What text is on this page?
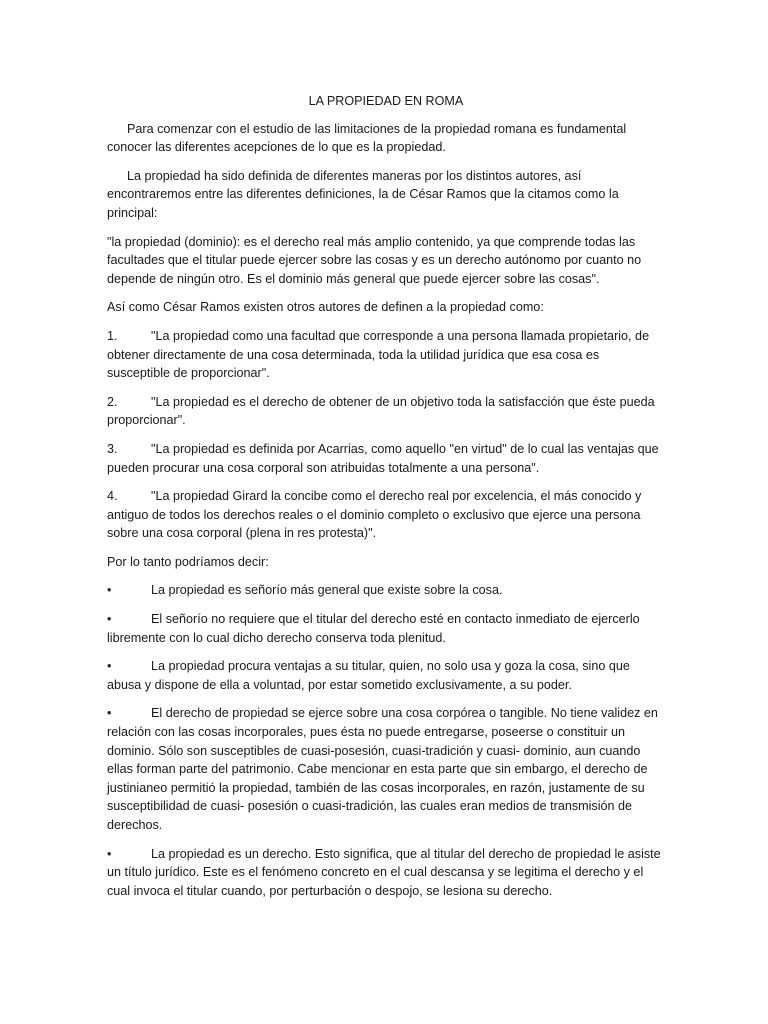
LA PROPIEDAD EN ROMA

Para comenzar con el estudio de las limitaciones de la propiedad romana es fundamental conocer las diferentes acepciones de lo que es la propiedad.

La propiedad ha sido definida de diferentes maneras por los distintos autores, así encontraremos entre las diferentes definiciones, la de César Ramos que la citamos como la principal:

"la propiedad (dominio): es el derecho real más amplio contenido, ya que comprende todas las facultades que el titular puede ejercer sobre las cosas y es un derecho autónomo por cuanto no depende de ningún otro. Es el dominio más general que puede ejercer sobre las cosas".

Así como César Ramos existen otros autores de definen a la propiedad como:

1.	"La propiedad como una facultad que corresponde a una persona llamada propietario, de obtener directamente de una cosa determinada, toda la utilidad jurídica que esa cosa es susceptible de proporcionar".

2.	"La propiedad es el derecho de obtener de un objetivo toda la satisfacción que éste pueda proporcionar".

3.	"La propiedad es definida por Acarrias, como aquello "en virtud" de lo cual las ventajas que pueden procurar una cosa corporal son atribuidas totalmente a una persona".

4.	"La propiedad Girard la concibe como el derecho real por excelencia, el más conocido y antiguo de todos los derechos reales o el dominio completo o exclusivo que ejerce una persona sobre una cosa corporal (plena in res protesta)".

Por lo tanto podríamos decir:

•	La propiedad es señorío más general que existe sobre la cosa.

•	El señorío no requiere que el titular del derecho esté en contacto inmediato de ejercerlo libremente con lo cual dicho derecho conserva toda plenitud.

•	La propiedad procura ventajas a su titular, quien, no solo usa y goza la cosa, sino que abusa y dispone de ella a voluntad, por estar sometido exclusivamente, a su poder.

•	El derecho de propiedad se ejerce sobre una cosa corpórea o tangible. No tiene validez en relación con las cosas incorporales, pues ésta no puede entregarse, poseerse o constituir un dominio. Sólo son susceptibles de cuasi-posesión, cuasi-tradición y cuasi- dominio, aun cuando ellas forman parte del patrimonio. Cabe mencionar en esta parte que sin embargo, el derecho de justinianeo permitió la propiedad, también de las cosas incorporales, en razón, justamente de su susceptibilidad de cuasi- posesión o cuasi-tradición, las cuales eran medios de transmisión de derechos.

•	La propiedad es un derecho. Esto significa, que al titular del derecho de propiedad le asiste un título jurídico. Este es el fenómeno concreto en el cual descansa y se legitima el derecho y el cual invoca el titular cuando, por perturbación o despojo, se lesiona su derecho.
